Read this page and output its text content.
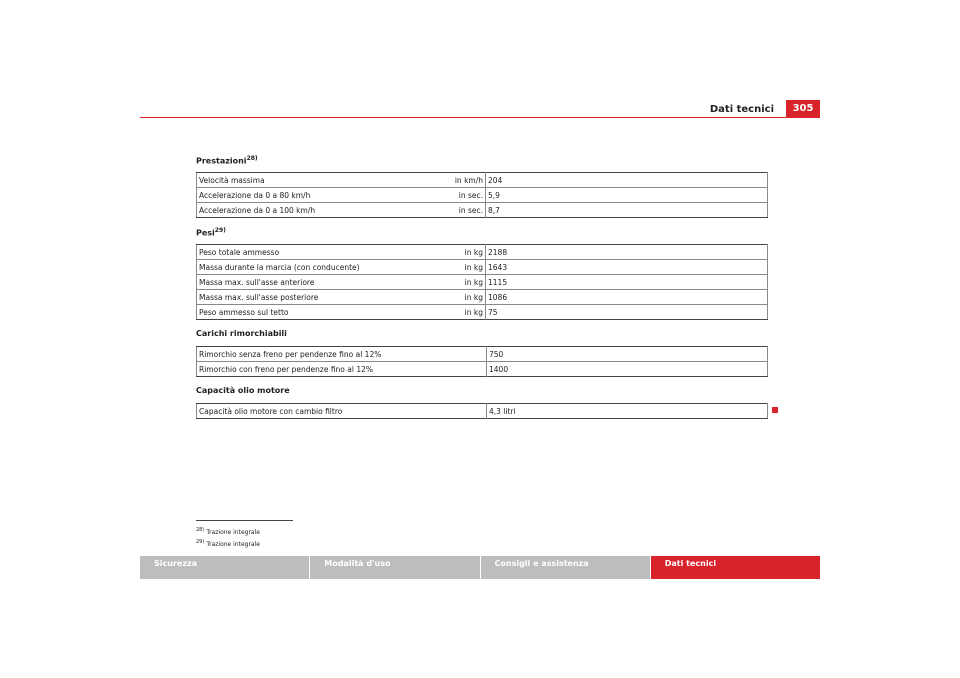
Dati tecnici	305
Prestazioni$^{28)}$
Velocità massima	in km/h	204
Accelerazione da 0 a 80 km/h	in sec.	5,9
Accelerazione da 0 a 100 km/h	in sec.	8,7
Pesi$^{29)}$
Peso totale ammesso	in kg	2188
Massa durante la marcia (con conducente)	in kg	1643
Massa max. sull'asse anteriore	in kg	1115
Massa max. sull'asse posteriore	in kg	1086
Peso ammesso sul tetto	in kg	75
Carichi rimorchiabili
Rimorchio senza freno per pendenze fino al 12%	750
Rimorchio con freno per pendenze fino al 12%	1400
Capacità olio motore
Capacità olio motore con cambio filtro	4,3 litri
$^{28)}$ Trazione integrale
$^{29)}$ Trazione integrale
Sicurezza	Modalità d'uso	Consigli e assistenza	Dati tecnici
